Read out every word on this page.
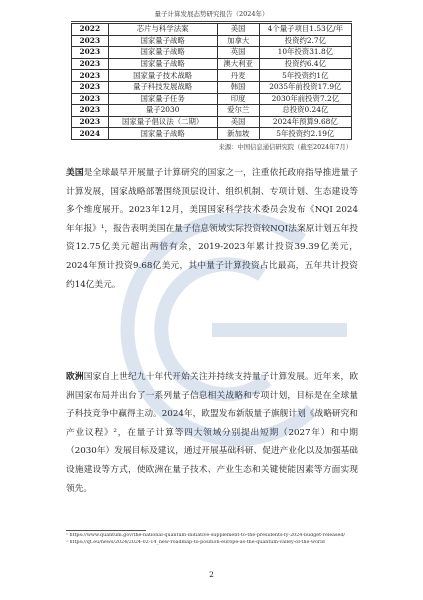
量子计算发展态势研究报告（2024年）
2022	芯片与科学法案	美国	4个量子项目1.53亿/年
2023	国家量子战略	加拿大	投资约2.7亿
2023	国家量子战略	英国	10年投资31.8亿
2023	国家量子战略	澳大利亚	投资约6.4亿
2023	国家量子技术战略	丹麦	5年投资约1亿
2023	量子科技发展战略	韩国	2035年前投资17.9亿
2023	国家量子任务	印度	2030年前投资7.2亿
2023	量子2030	爱尔兰	总投资0.24亿
2023	国家量子倡议法（二期）	美国	2024年预算9.68亿
2024	国家量子战略	新加坡	5年投资约2.19亿
来源：中国信息通信研究院（截至2024年7月）

美国是全球最早开展量子计算研究的国家之一，注重依托政府指导推进量子计算发展，国家战略部署围绕顶层设计、组织机制、专项计划、生态建设等多个维度展开。2023年12月，美国国家科学技术委员会发布《NQI 2024年年报》¹，报告表明美国在量子信息领域实际投资较NQI法案原计划五年投资12.75亿美元超出两倍有余，2019-2023年累计投资39.39亿美元，2024年预计投资9.68亿美元，其中量子计算投资占比最高，五年共计投资约14亿美元。

欧洲国家自上世纪九十年代开始关注并持续支持量子计算发展。近年来，欧洲国家布局并出台了一系列量子信息相关战略和专项计划，目标是在全球量子科技竞争中赢得主动。2024年，欧盟发布新版量子旗舰计划《战略研究和产业议程》²，在量子计算等四大领域分别提出短期（2027年）和中期（2030年）发展目标及建议，通过开展基础科研、促进产业化以及加强基础设施建设等方式，使欧洲在量子技术、产业生态和关键使能因素等方面实现领先。

¹ https://www.quantum.gov/the-national-quantum-initiative-supplement-to-the-presidents-fy-2024-budget-released/
² https://qt.eu/news/2024/2024-02-14_new-roadmap-to-position-europe-as-the-quantum-valley-of-the-world
2
